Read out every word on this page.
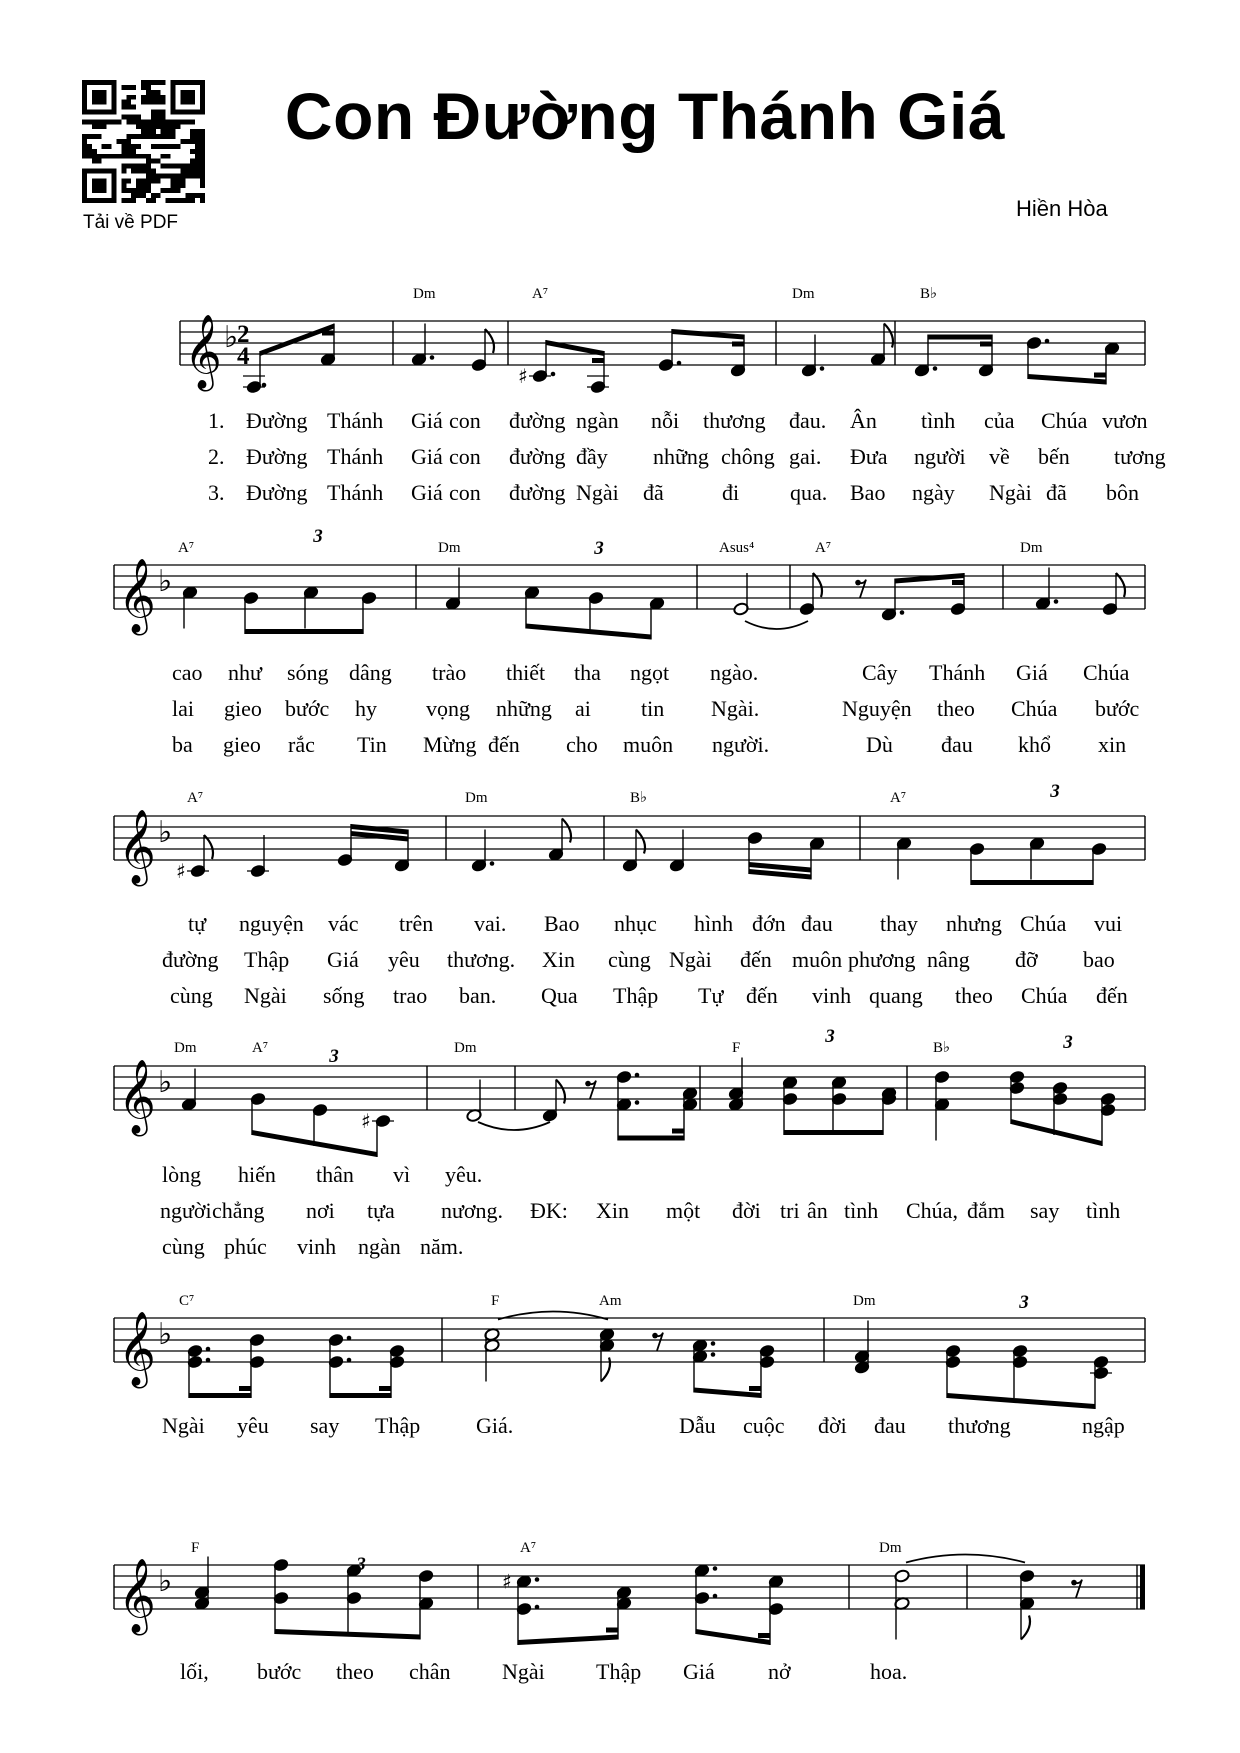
Tải về PDF
Con Đường Thánh Giá
Hiền Hòa
𝄞 ♭
2
4
Dm	A⁷	Dm	B♭
♯
𝄞 ♭
A⁷	Dm	Asus⁴	A⁷	Dm
3
3
𝄞 ♭
A⁷	Dm	B♭	A⁷
♯
3
𝄞 ♭
Dm	A⁷	Dm	F	B♭
♯
3
3	3
𝄞 ♭
C⁷	F	Am	Dm	3
𝄞 ♭
F	A⁷	Dm
3
♯
1. Đường Thánh Giá con đường ngàn nỗi thương đau. Ân tình của Chúa vươn
2. Đường Thánh Giá con đường đầy những chông gai. Đưa người về bến tương
3. Đường Thánh Giá con đường Ngài đã	đi qua. Bao ngày Ngài đã bôn
cao như sóng dâng trào thiết tha ngọt ngào.	Cây Thánh Giá Chúa
lai gieo bước hy vọng những ai tin Ngài.	Nguyện theo Chúa bước
ba gieo rắc Tin Mừng đến cho muôn người.	Dù đau khổ xin
tự nguyện vác trên vai. Bao nhục hình đớn đau thay nhưng Chúa vui
đường Thập Giá yêu thương. Xin cùng Ngài đến muôn phương nâng đỡ bao
cùng Ngài sống trao ban. Qua Thập Tự đến vinh quang theo Chúa đến
lòng hiến thân vì yêu.
người chẳng nơi tựa nương. ĐK: Xin một đời tri ân tình Chúa, đắm say tình
cùng phúc vinh ngàn năm.
Ngài yêu say Thập	Giá.	Dẫu cuộc đời đau thương	ngập
lối, bước theo chân Ngài Thập Giá nở	hoa.
